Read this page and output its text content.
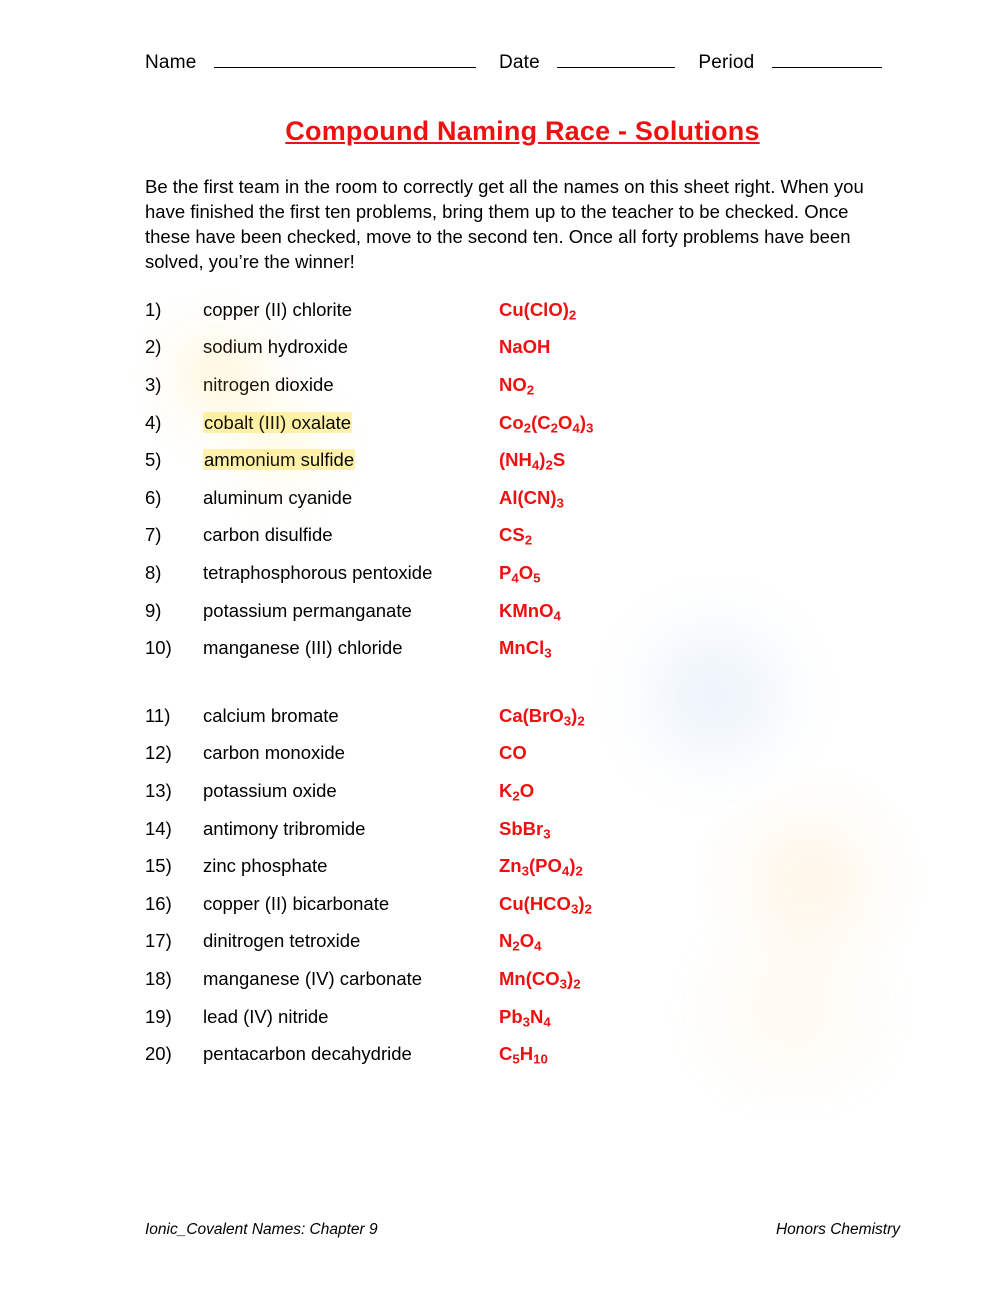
Name	Date	Period
Compound Naming Race - Solutions

Be the first team in the room to correctly get all the names on this sheet right. When you have finished the first ten problems, bring them up to the teacher to be checked. Once these have been checked, move to the second ten. Once all forty problems have been solved, you’re the winner!

1)	copper (II) chlorite	$Cu(ClO)_2$
2)	sodium hydroxide	NaOH
3)	nitrogen dioxide	$NO_2$
4)	cobalt (III) oxalate	$Co_2(C_2O_4)_3$
5)	ammonium sulfide	$(NH_4)_2S$
6)	aluminum cyanide	$Al(CN)_3$
7)	carbon disulfide	$CS_2$
8)	tetraphosphorous pentoxide	$P_4O_5$
9)	potassium permanganate	KMnO$_4$
10)	manganese (III) chloride	MnCl$_3$
11)	calcium bromate	$Ca(BrO_3)_2$
12)	carbon monoxide	CO
13)	potassium oxide	$K_2O$
14)	antimony tribromide	SbBr$_3$
15)	zinc phosphate	$Zn_3(PO_4)_2$
16)	copper (II) bicarbonate	$Cu(HCO_3)_2$
17)	dinitrogen tetroxide	$N_2O_4$
18)	manganese (IV) carbonate	$Mn(CO_3)_2$
19)	lead (IV) nitride	$Pb_3N_4$
20)	pentacarbon decahydride	$C_5H_{10}$
Ionic_Covalent Names: Chapter 9	Honors Chemistry
